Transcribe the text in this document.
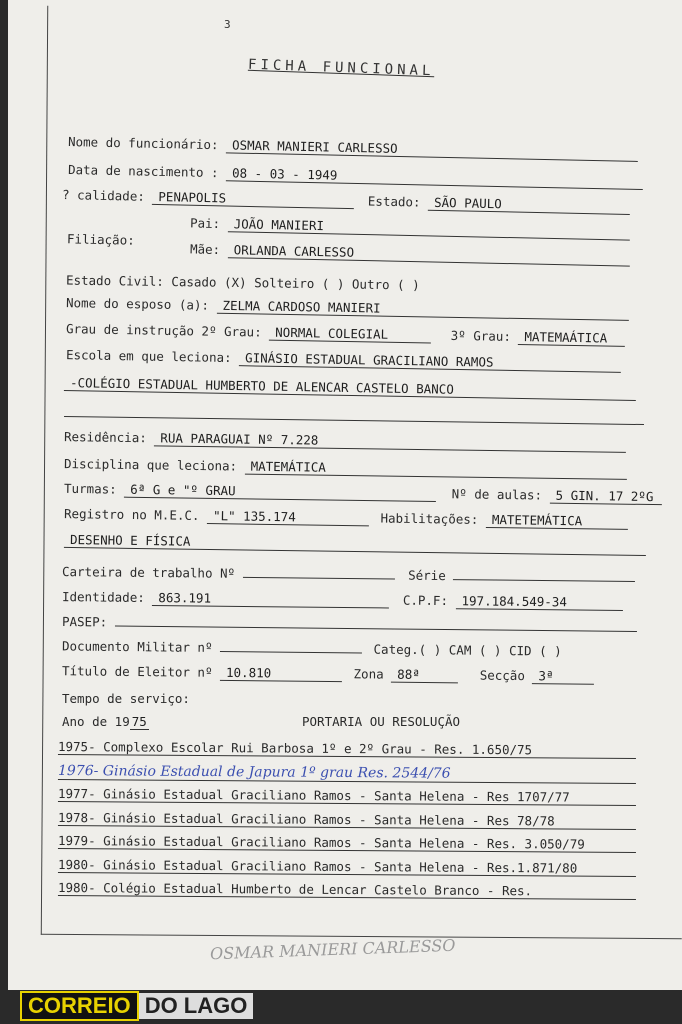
3
FICHA FUNCIONAL
Nome do funcionário: OSMAR MANIERI CARLESSO
Data de nascimento : 08 - 03 - 1949
? calidade: PENAPOLIS	Estado: SÃO PAULO
Filiação:
Pai: JOÃO MANIERI
Mãe: ORLANDA CARLESSO
Estado Civil: Casado (X) Solteiro ( ) Outro ( )
Nome do esposo (a): ZELMA CARDOSO MANIERI
Grau de instrução 2º Grau: NORMAL COLEGIAL	3º Grau: MATEMAÁTICA
Escola em que leciona: GINÁSIO ESTADUAL GRACILIANO RAMOS
-COLÉGIO ESTADUAL HUMBERTO DE ALENCAR CASTELO BANCO
Residência: RUA PARAGUAI Nº 7.228
Disciplina que leciona: MATEMÁTICA
Turmas: 6ª G e "º GRAU	Nº de aulas: 5 GIN. 17 2ºG
Registro no M.E.C. "L" 135.174	Habilitações: MATETEMÁTICA
DESENHO E FÍSICA
Carteira de trabalho Nº	Série
Identidade: 863.191	C.P.F: 197.184.549-34
PASEP:
Documento Militar nº	Categ.( ) CAM ( ) CID ( )
Título de Eleitor nº 10.810	Zona 88ª	Secção 3ª
Tempo de serviço:
Ano de 19 75	PORTARIA OU RESOLUÇÃO
1975- Complexo Escolar Rui Barbosa 1º e 2º Grau - Res. 1.650/75
1976- Ginásio Estadual de Japura 1º grau Res. 2544/76
1977- Ginásio Estadual Graciliano Ramos - Santa Helena - Res 1707/77
1978- Ginásio Estadual Graciliano Ramos - Santa Helena - Res 78/78
1979- Ginásio Estadual Graciliano Ramos - Santa Helena - Res. 3.050/79
1980- Ginásio Estadual Graciliano Ramos - Santa Helena - Res.1.871/80
1980- Colégio Estadual Humberto de Lencar Castelo Branco - Res.
OSMAR MANIERI CARLESSO
CORREIO DO LAGO
